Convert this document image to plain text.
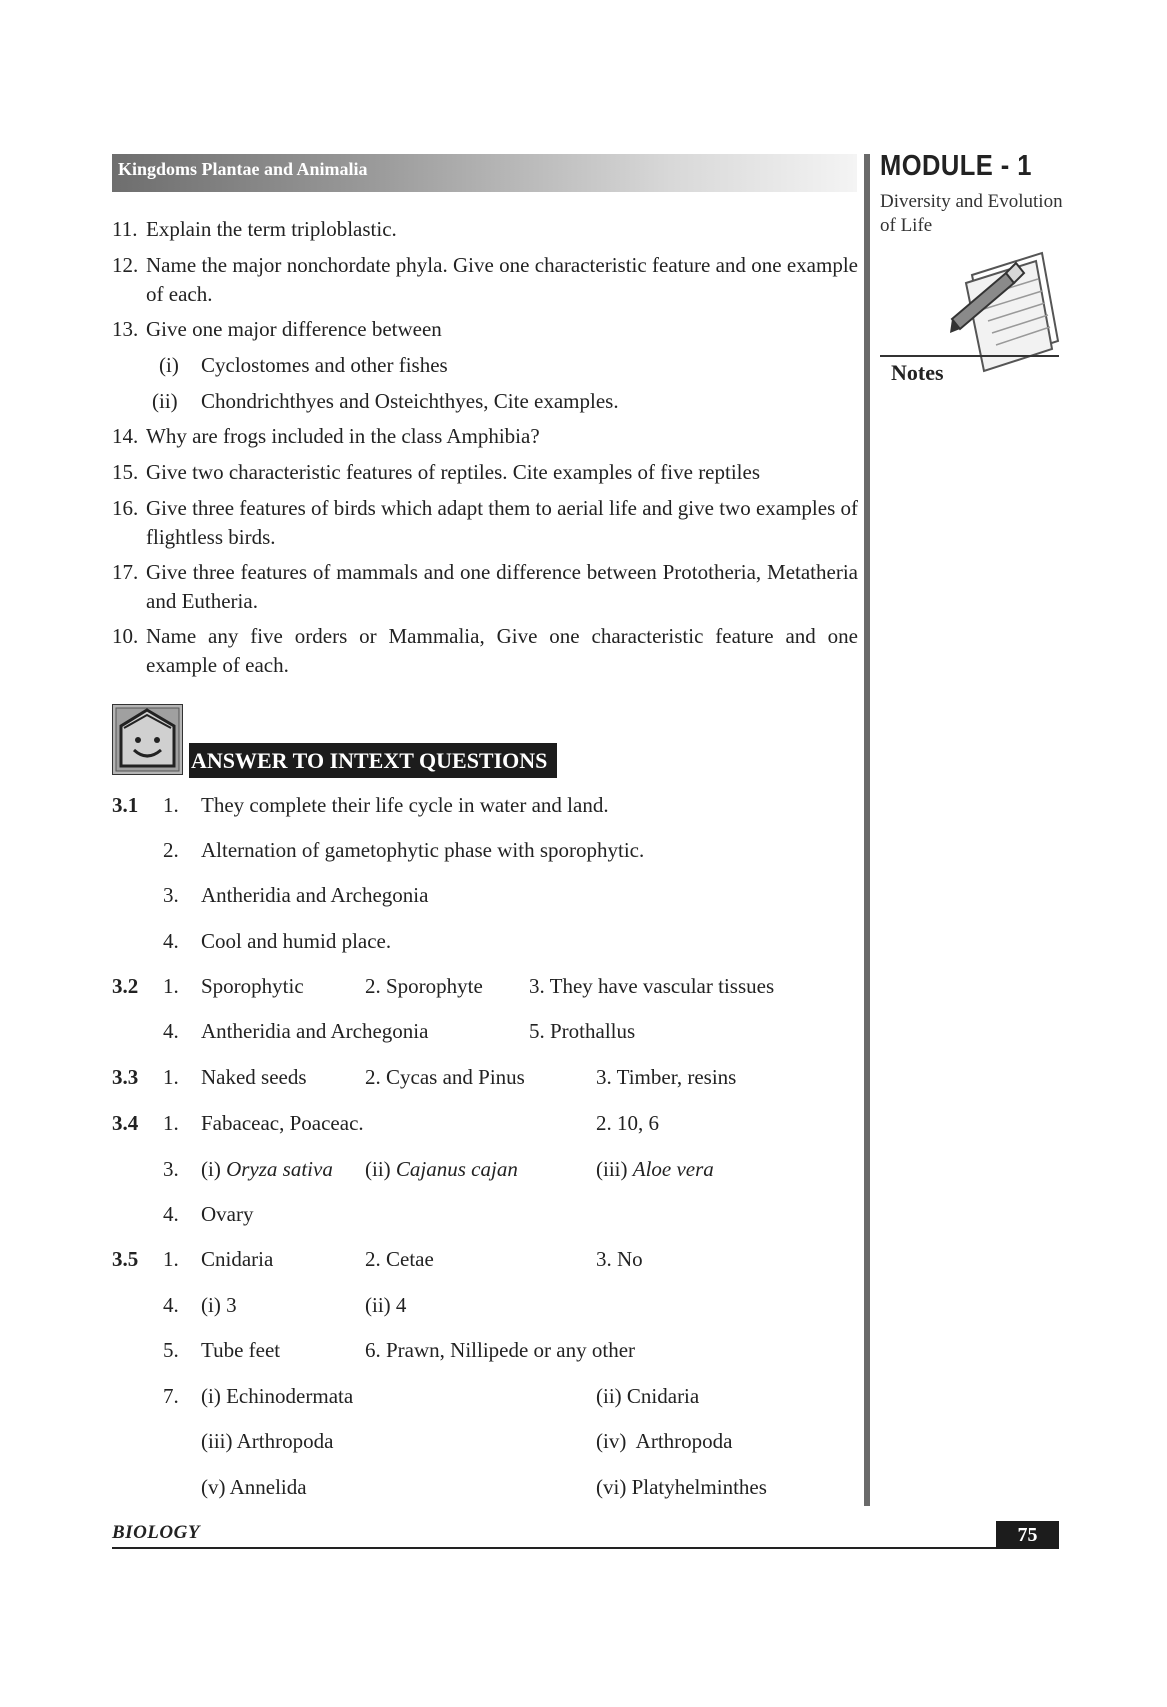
Kingdoms Plantae and Animalia	MODULE - 1
Diversity and Evolution of Life
Notes
11. Explain the term triploblastic.
12. Name the major nonchordate phyla. Give one characteristic feature and one example of each.
13. Give one major difference between
(i) Cyclostomes and other fishes
(ii) Chondrichthyes and Osteichthyes, Cite examples.
14. Why are frogs included in the class Amphibia?
15. Give two characteristic features of reptiles. Cite examples of five reptiles
16. Give three features of birds which adapt them to aerial life and give two examples of flightless birds.
17. Give three features of mammals and one difference between Prototheria, Metatheria and Eutheria.
10. Name any five orders or Mammalia, Give one characteristic feature and one example of each.
ANSWER TO INTEXT QUESTIONS
3.1 1. They complete their life cycle in water and land.
2. Alternation of gametophytic phase with sporophytic.
3. Antheridia and Archegonia
4. Cool and humid place.
3.2 1. Sporophytic	2. Sporophyte 3. They have vascular tissues
4. Antheridia and Archegonia	5. Prothallus
3.3 1. Naked seeds	2. Cycas and Pinus	3. Timber, resins
3.4 1. Fabaceac, Poaceac.	2. 10, 6
3. (i) Oryza sativa (ii) Cajanus cajan	(iii) Aloe vera
4. Ovary
3.5 1. Cnidaria	2. Cetae	3. No
4. (i) 3	(ii) 4
5. Tube feet	6. Prawn, Nillipede or any other
7. (i) Echinodermata	(ii) Cnidaria
(iii) Arthropoda	(iv)  Arthropoda
(v) Annelida	(vi) Platyhelminthes
BIOLOGY	75
